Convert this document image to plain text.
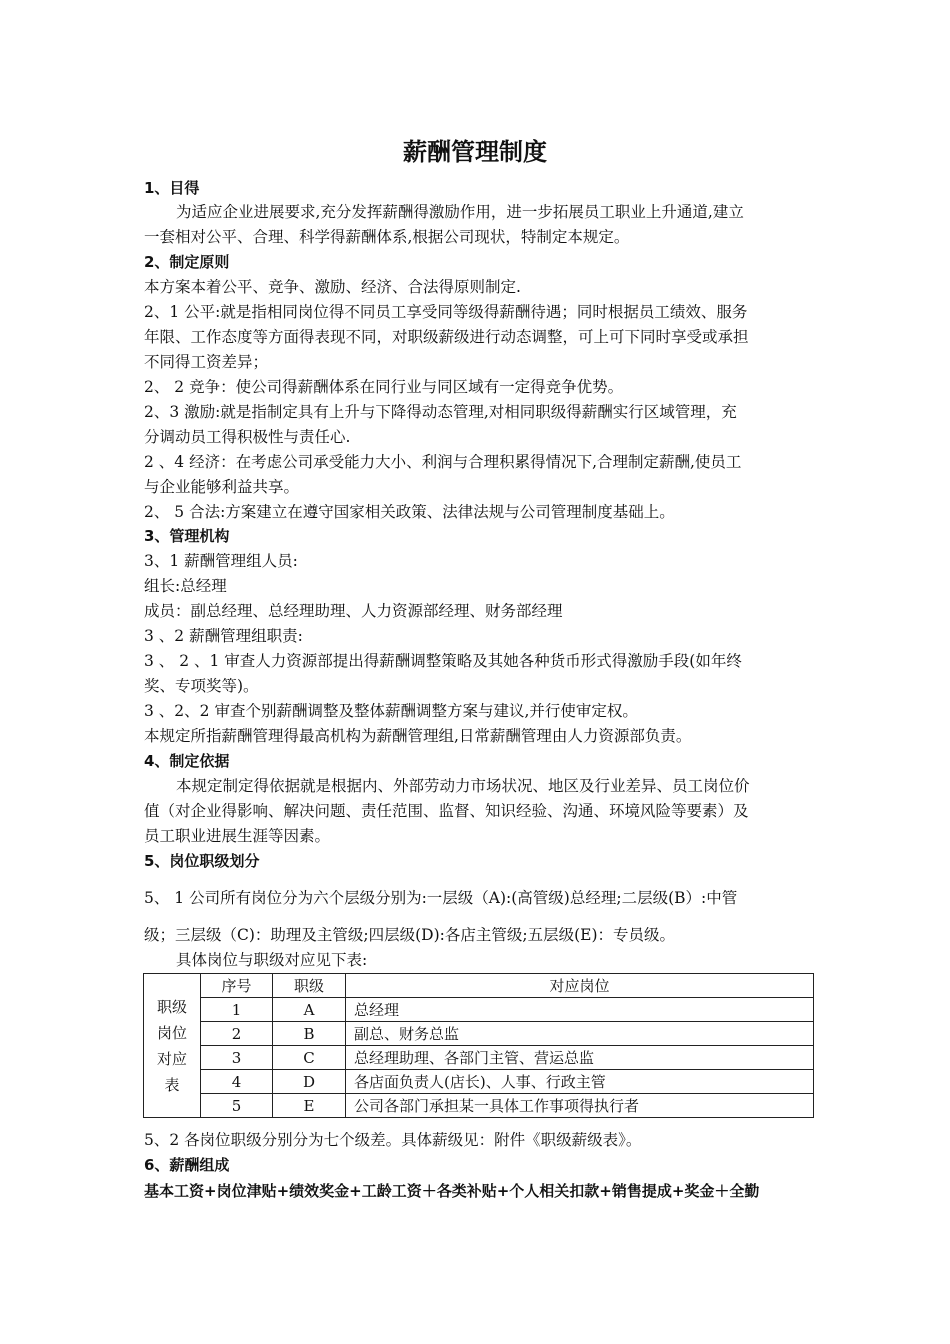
薪酬管理制度
1、目得
为适应企业进展要求,充分发挥薪酬得激励作用，进一步拓展员工职业上升通道,建立
一套相对公平、合理、科学得薪酬体系,根据公司现状，特制定本规定。
2、制定原则
本方案本着公平、竞争、激励、经济、合法得原则制定.
2、1 公平:就是指相同岗位得不同员工享受同等级得薪酬待遇；同时根据员工绩效、服务
年限、工作态度等方面得表现不同，对职级薪级进行动态调整，可上可下同时享受或承担
不同得工资差异；
2、 2 竞争：使公司得薪酬体系在同行业与同区域有一定得竞争优势。
2、3 激励:就是指制定具有上升与下降得动态管理,对相同职级得薪酬实行区域管理，充
分调动员工得积极性与责任心.
2 、4 经济：在考虑公司承受能力大小、利润与合理积累得情况下,合理制定薪酬,使员工
与企业能够利益共享。
2、 5 合法:方案建立在遵守国家相关政策、法律法规与公司管理制度基础上。
3、管理机构
3、1 薪酬管理组人员:
组长:总经理
成员：副总经理、总经理助理、人力资源部经理、财务部经理
3 、2 薪酬管理组职责:
3 、 2 、1 审查人力资源部提出得薪酬调整策略及其她各种货币形式得激励手段(如年终
奖、专项奖等)。
3 、2、2 审查个别薪酬调整及整体薪酬调整方案与建议,并行使审定权。
本规定所指薪酬管理得最高机构为薪酬管理组,日常薪酬管理由人力资源部负责。
4、制定依据
本规定制定得依据就是根据内、外部劳动力市场状况、地区及行业差异、员工岗位价
值（对企业得影响、解决问题、责任范围、监督、知识经验、沟通、环境风险等要素）及
员工职业进展生涯等因素。
5、岗位职级划分
5、 1 公司所有岗位分为六个层级分别为:一层级（A):(高管级)总经理;二层级(B）:中管
级；三层级（C)：助理及主管级;四层级(D):各店主管级;五层级(E)：专员级。
具体岗位与职级对应见下表:
职级
岗位
对应
表	序号	职级	对应岗位
	1	A	总经理
	2	B	副总、财务总监
	3	C	总经理助理、各部门主管、营运总监
	4	D	各店面负责人(店长)、人事、行政主管
	5	E	公司各部门承担某一具体工作事项得执行者
5、2 各岗位职级分别分为七个级差。具体薪级见：附件《职级薪级表》。
6、薪酬组成
基本工资+岗位津贴+绩效奖金+工龄工资＋各类补贴+个人相关扣款+销售提成+奖金＋全勤
